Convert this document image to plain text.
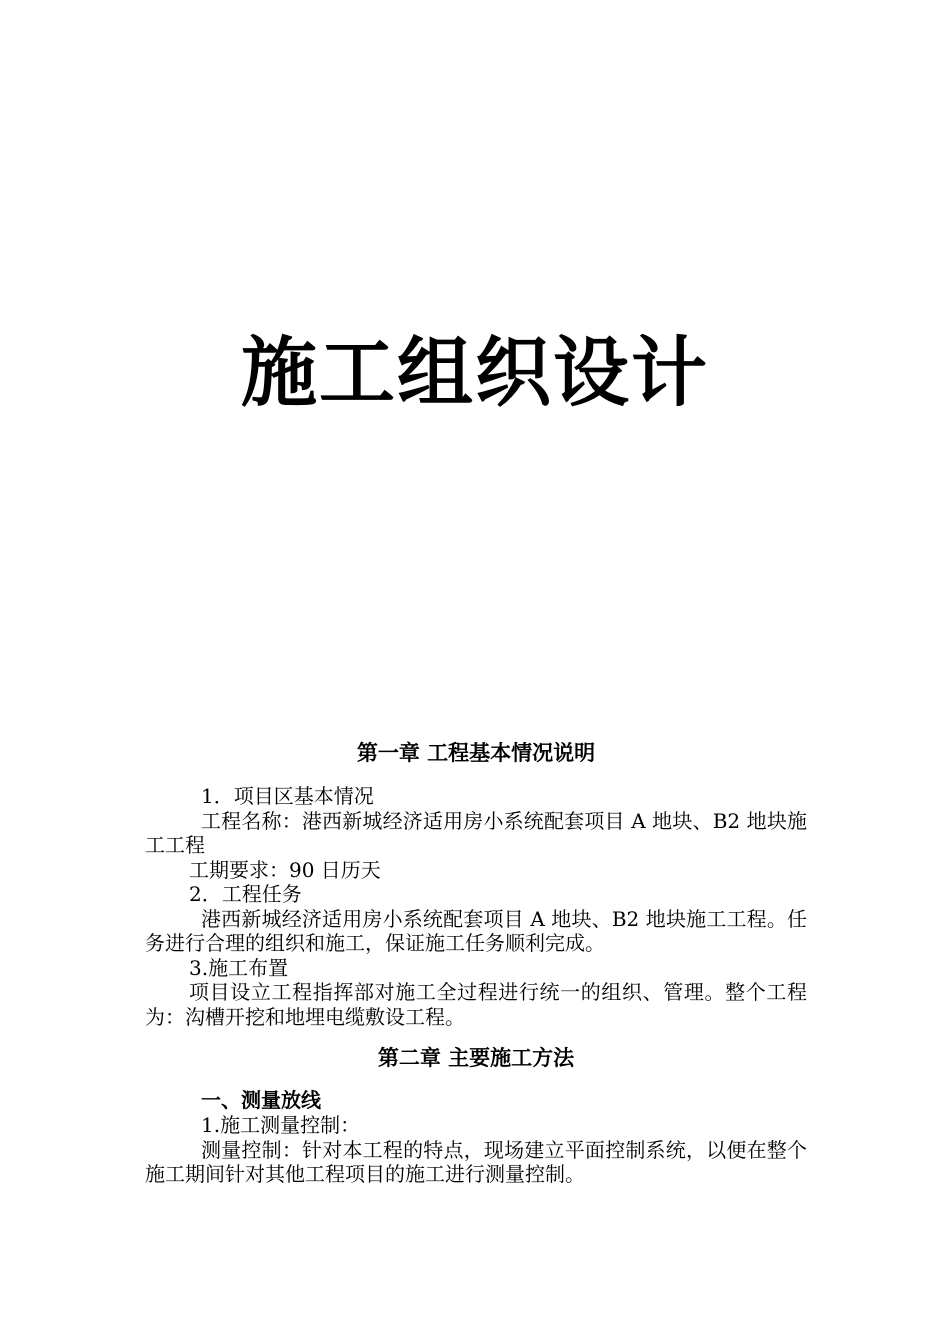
施工组织设计
第一章 工程基本情况说明

1．项目区基本情况

工程名称：港西新城经济适用房小系统配套项目 A 地块、B2 地块施工工程

工期要求：90 日历天

2．工程任务

港西新城经济适用房小系统配套项目 A 地块、B2 地块施工工程。任务进行合理的组织和施工，保证施工任务顺利完成。

3.施工布置

项目设立工程指挥部对施工全过程进行统一的组织、管理。整个工程为：沟槽开挖和地埋电缆敷设工程。

第二章 主要施工方法
一、测量放线

1.施工测量控制：

测量控制：针对本工程的特点，现场建立平面控制系统，以便在整个施工期间针对其他工程项目的施工进行测量控制。
